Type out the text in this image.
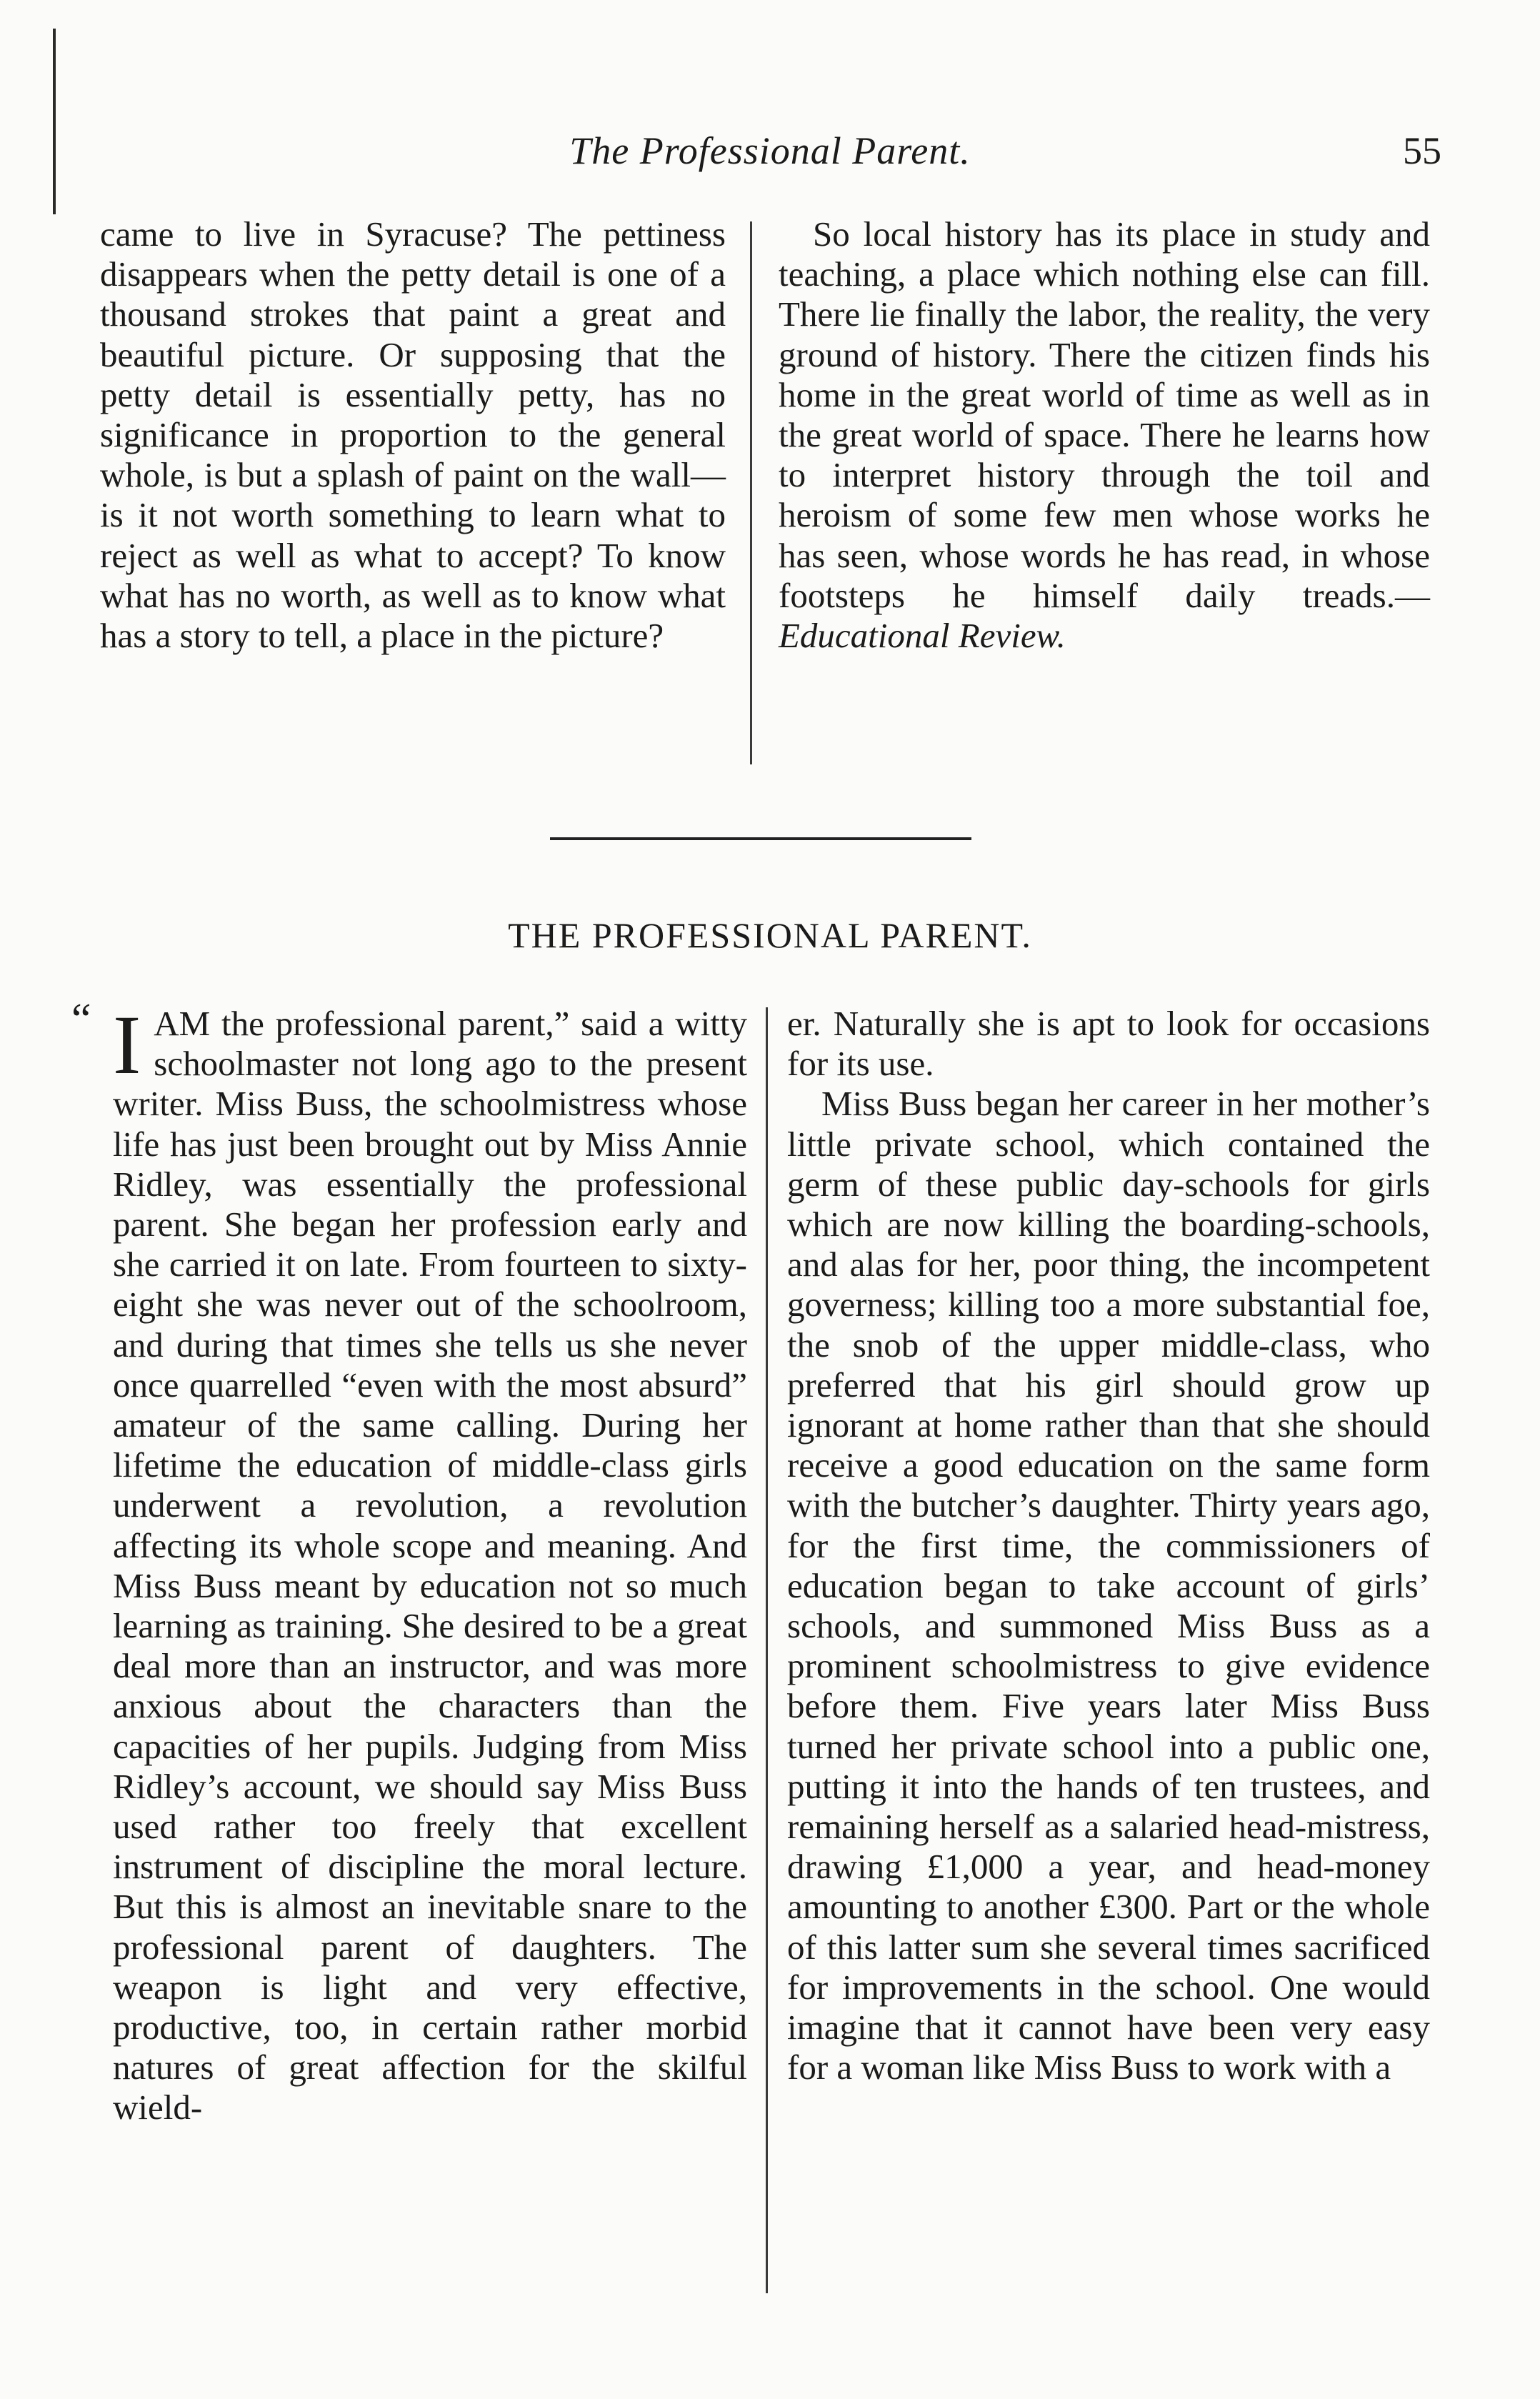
The Professional Parent.	55

came to live in Syracuse? The pettiness disappears when the petty detail is one of a thousand strokes that paint a great and beautiful picture. Or supposing that the petty detail is essentially petty, has no significance in proportion to the general whole, is but a splash of paint on the wall—is it not worth something to learn what to reject as well as what to accept? To know what has no worth, as well as to know what has a story to tell, a place in the picture?

So local history has its place in study and teaching, a place which nothing else can fill. There lie finally the labor, the reality, the very ground of history. There the citizen finds his home in the great world of time as well as in the great world of space. There he learns how to interpret history through the toil and heroism of some few men whose works he has seen, whose words he has read, in whose footsteps he himself daily treads.—Educational Review.

THE PROFESSIONAL PARENT.
“ I AM the professional parent,” said a witty schoolmaster not long ago to the present writer. Miss Buss, the schoolmistress whose life has just been brought out by Miss Annie Ridley, was essentially the professional parent. She began her profession early and she carried it on late. From fourteen to sixty-eight she was never out of the schoolroom, and during that times she tells us she never once quarrelled “even with the most absurd” amateur of the same calling. During her lifetime the education of middle-class girls underwent a revolution, a revolution affecting its whole scope and meaning. And Miss Buss meant by education not so much learning as training. She desired to be a great deal more than an instructor, and was more anxious about the characters than the capacities of her pupils. Judging from Miss Ridley’s account, we should say Miss Buss used rather too freely that excellent instrument of discipline the moral lecture. But this is almost an inevitable snare to the professional parent of daughters. The weapon is light and very effective, productive, too, in certain rather morbid natures of great affection for the skilful wield-

er. Naturally she is apt to look for occasions for its use.

Miss Buss began her career in her mother’s little private school, which contained the germ of these public day-schools for girls which are now killing the boarding-schools, and alas for her, poor thing, the incompetent governess; killing too a more substantial foe, the snob of the upper middle-class, who preferred that his girl should grow up ignorant at home rather than that she should receive a good education on the same form with the butcher’s daughter. Thirty years ago, for the first time, the commissioners of education began to take account of girls’ schools, and summoned Miss Buss as a prominent schoolmistress to give evidence before them. Five years later Miss Buss turned her private school into a public one, putting it into the hands of ten trustees, and remaining herself as a salaried head-mistress, drawing £1,000 a year, and head-money amounting to another £300. Part or the whole of this latter sum she several times sacrificed for improvements in the school. One would imagine that it cannot have been very easy for a woman like Miss Buss to work with a
